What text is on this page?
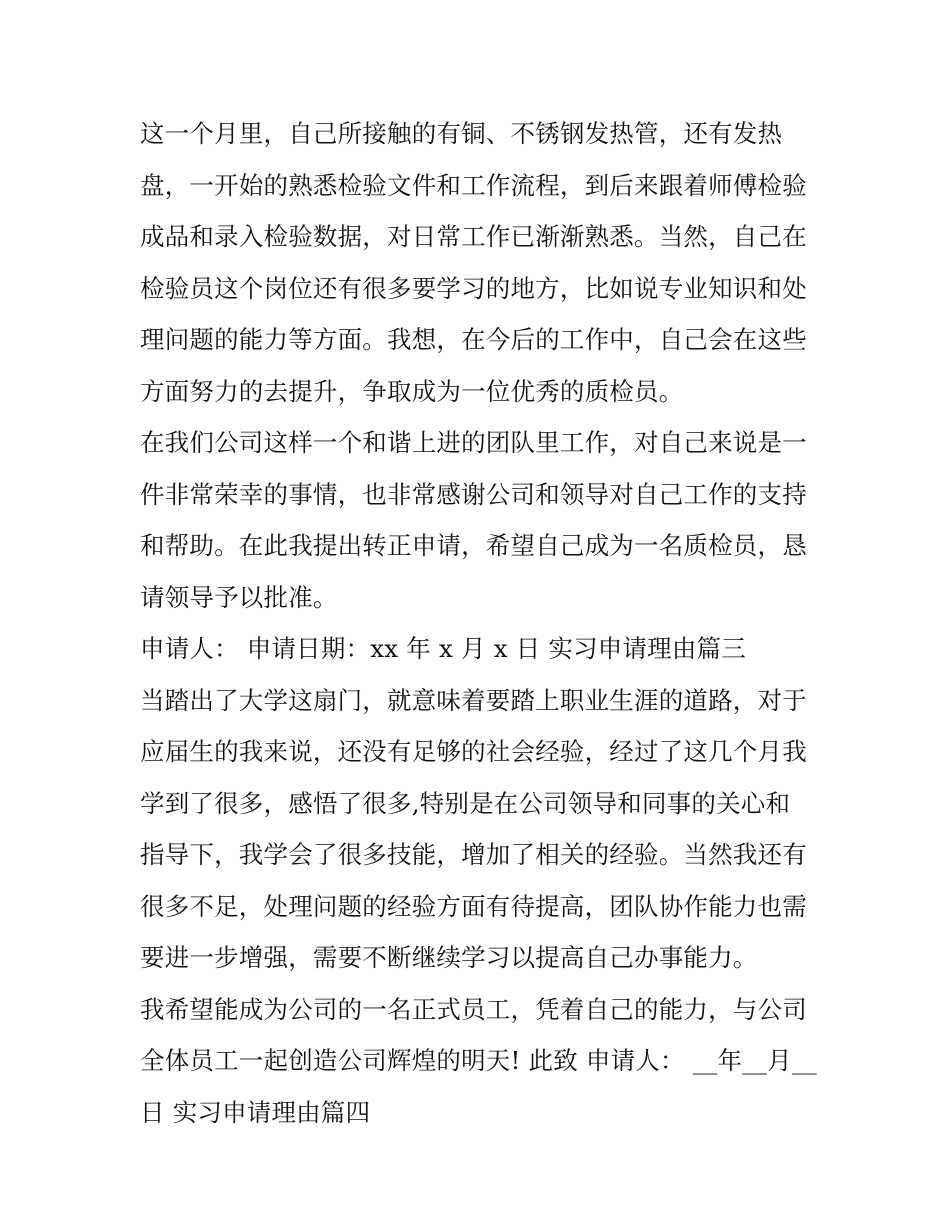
这一个月里，自己所接触的有铜、不锈钢发热管，还有发热
盘，一开始的熟悉检验文件和工作流程，到后来跟着师傅检验
成品和录入检验数据，对日常工作已渐渐熟悉。当然，自己在
检验员这个岗位还有很多要学习的地方，比如说专业知识和处
理问题的能力等方面。我想，在今后的工作中，自己会在这些
方面努力的去提升，争取成为一位优秀的质检员。
在我们公司这样一个和谐上进的团队里工作，对自己来说是一
件非常荣幸的事情，也非常感谢公司和领导对自己工作的支持
和帮助。在此我提出转正申请，希望自己成为一名质检员，恳
请领导予以批准。
申请人： 申请日期：xx 年 x 月 x 日 实习申请理由篇三
当踏出了大学这扇门，就意味着要踏上职业生涯的道路，对于
应届生的我来说，还没有足够的社会经验，经过了这几个月我
学到了很多，感悟了很多,特别是在公司领导和同事的关心和
指导下，我学会了很多技能，增加了相关的经验。当然我还有
很多不足，处理问题的经验方面有待提高，团队协作能力也需
要进一步增强，需要不断继续学习以提高自己办事能力。
我希望能成为公司的一名正式员工，凭着自己的能力，与公司
全体员工一起创造公司辉煌的明天! 此致 申请人： __年__月__
日 实习申请理由篇四
